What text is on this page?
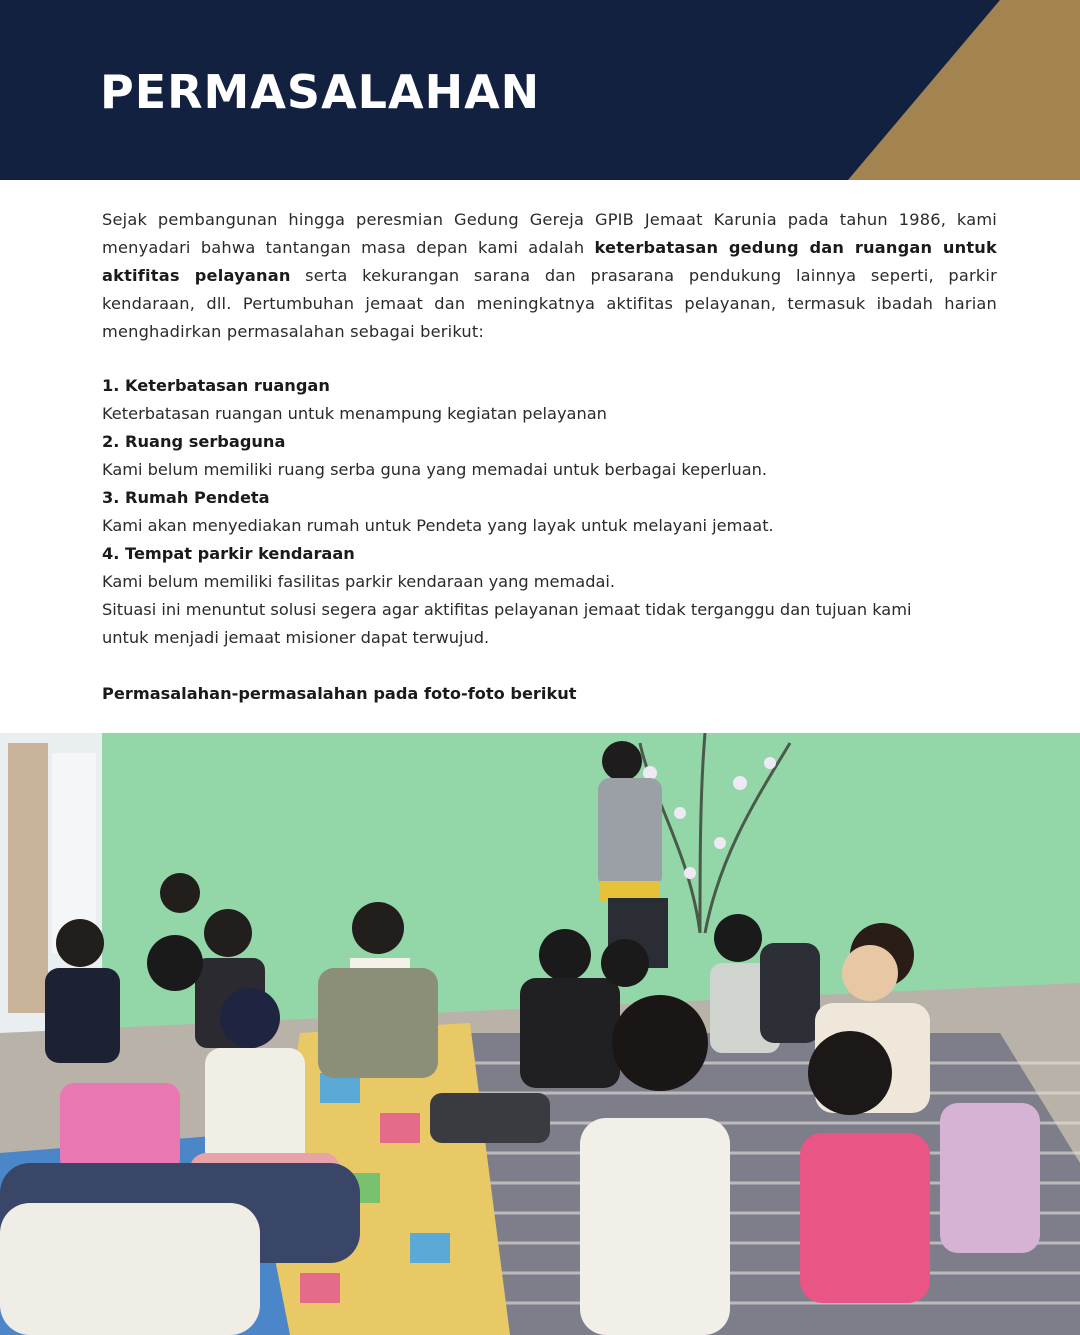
PERMASALAHAN

Sejak pembangunan hingga peresmian Gedung Gereja GPIB Jemaat Karunia pada tahun 1986, kami menyadari bahwa tantangan masa depan kami adalah keterbatasan gedung dan ruangan untuk aktifitas pelayanan serta kekurangan sarana dan prasarana pendukung lainnya seperti, parkir kendaraan, dll. Pertumbuhan jemaat dan meningkatnya aktifitas pelayanan, termasuk ibadah harian menghadirkan permasalahan sebagai berikut:

1. Keterbatasan ruangan
Keterbatasan ruangan untuk menampung kegiatan pelayanan
2. Ruang serbaguna
Kami belum memiliki ruang serba guna yang memadai untuk berbagai keperluan.
3. Rumah Pendeta
Kami akan menyediakan rumah untuk Pendeta yang layak untuk melayani jemaat.
4. Tempat parkir kendaraan
Kami belum memiliki fasilitas parkir kendaraan yang memadai.

Situasi ini menuntut solusi segera agar aktifitas pelayanan jemaat tidak terganggu dan tujuan kami untuk menjadi jemaat misioner dapat terwujud.

Permasalahan-permasalahan pada foto-foto berikut
